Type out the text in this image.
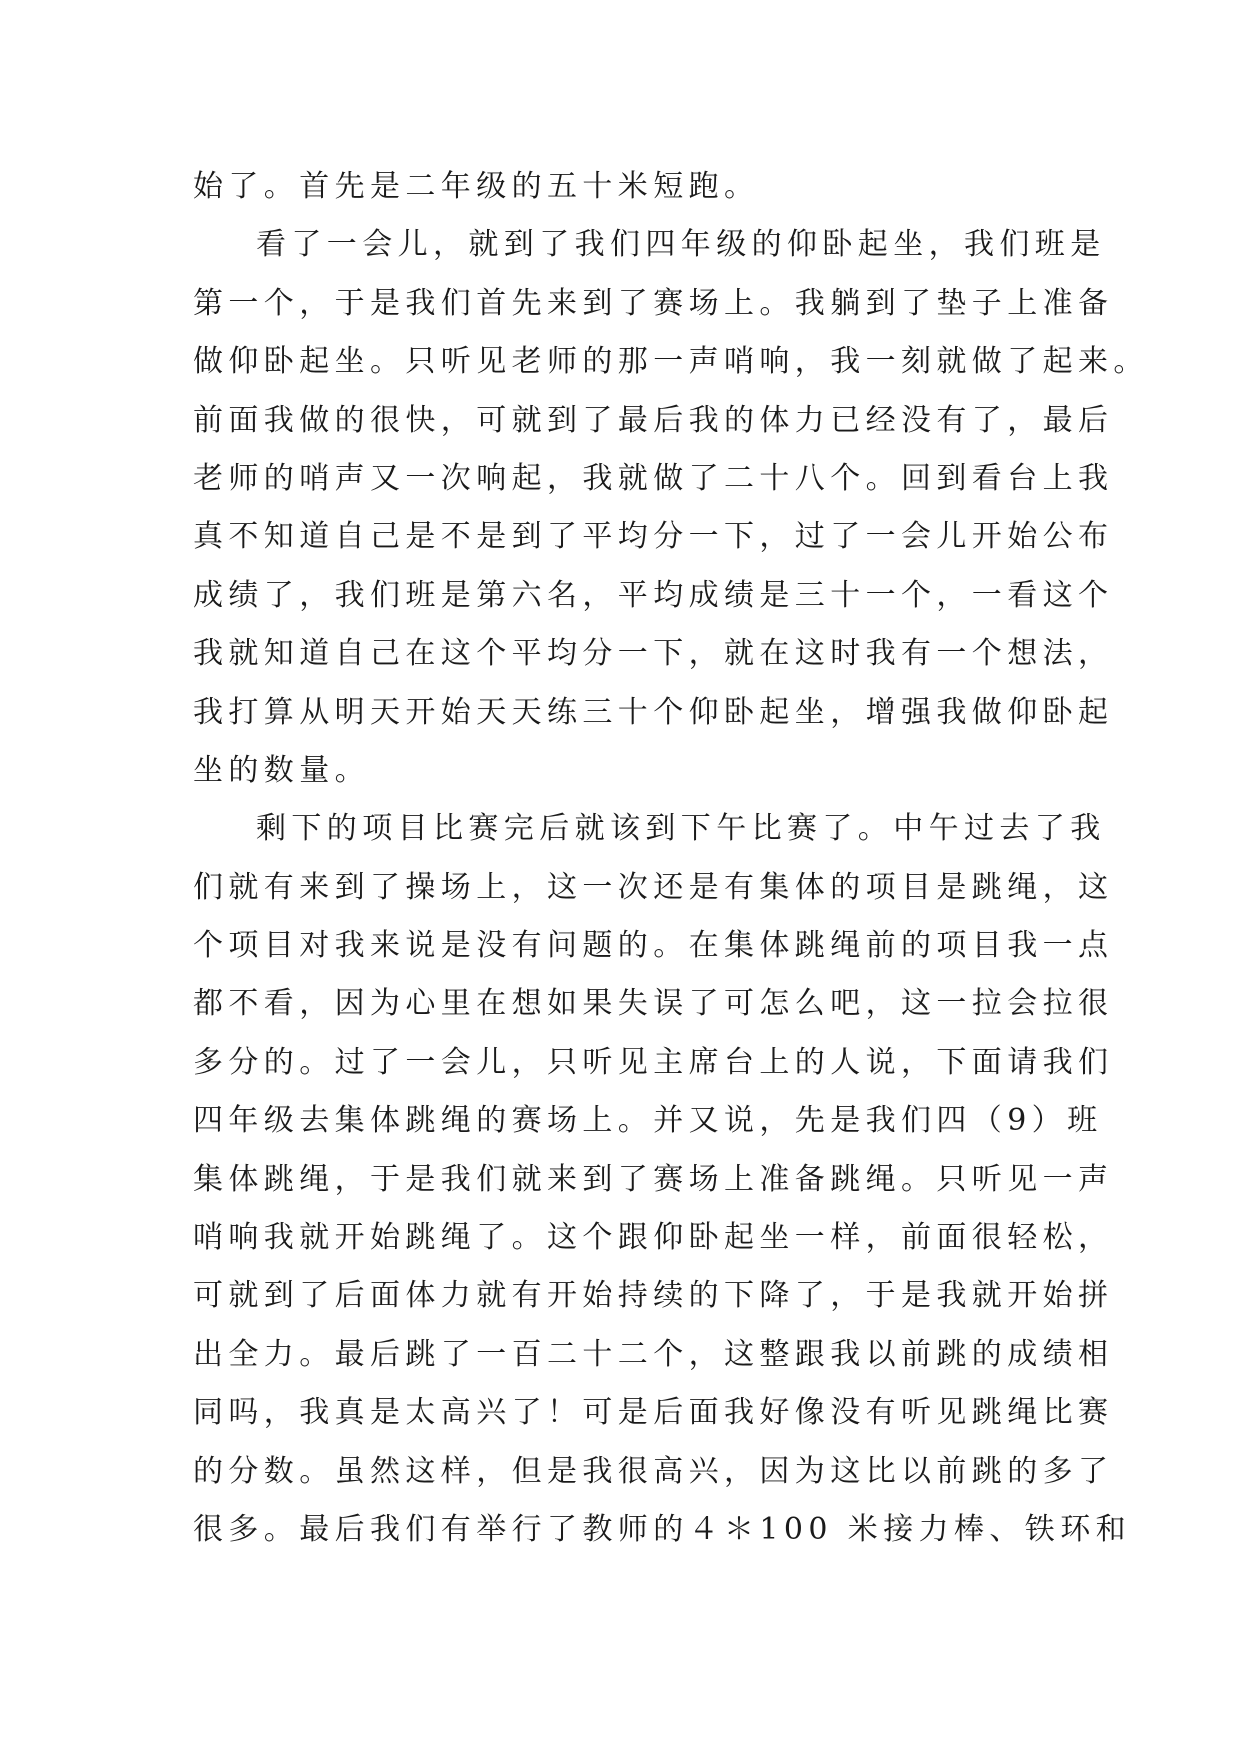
始了。首先是二年级的五十米短跑。
看了一会儿，就到了我们四年级的仰卧起坐，我们班是
第一个，于是我们首先来到了赛场上。我躺到了垫子上准备
做仰卧起坐。只听见老师的那一声哨响，我一刻就做了起来。
前面我做的很快，可就到了最后我的体力已经没有了，最后
老师的哨声又一次响起，我就做了二十八个。回到看台上我
真不知道自己是不是到了平均分一下，过了一会儿开始公布
成绩了，我们班是第六名，平均成绩是三十一个，一看这个
我就知道自己在这个平均分一下，就在这时我有一个想法，
我打算从明天开始天天练三十个仰卧起坐，增强我做仰卧起
坐的数量。
剩下的项目比赛完后就该到下午比赛了。中午过去了我
们就有来到了操场上，这一次还是有集体的项目是跳绳，这
个项目对我来说是没有问题的。在集体跳绳前的项目我一点
都不看，因为心里在想如果失误了可怎么吧，这一拉会拉很
多分的。过了一会儿，只听见主席台上的人说，下面请我们
四年级去集体跳绳的赛场上。并又说，先是我们四（9）班
集体跳绳，于是我们就来到了赛场上准备跳绳。只听见一声
哨响我就开始跳绳了。这个跟仰卧起坐一样，前面很轻松，
可就到了后面体力就有开始持续的下降了，于是我就开始拼
出全力。最后跳了一百二十二个，这整跟我以前跳的成绩相
同吗，我真是太高兴了！可是后面我好像没有听见跳绳比赛
的分数。虽然这样，但是我很高兴，因为这比以前跳的多了
很多。最后我们有举行了教师的４＊100 米接力棒、铁环和
